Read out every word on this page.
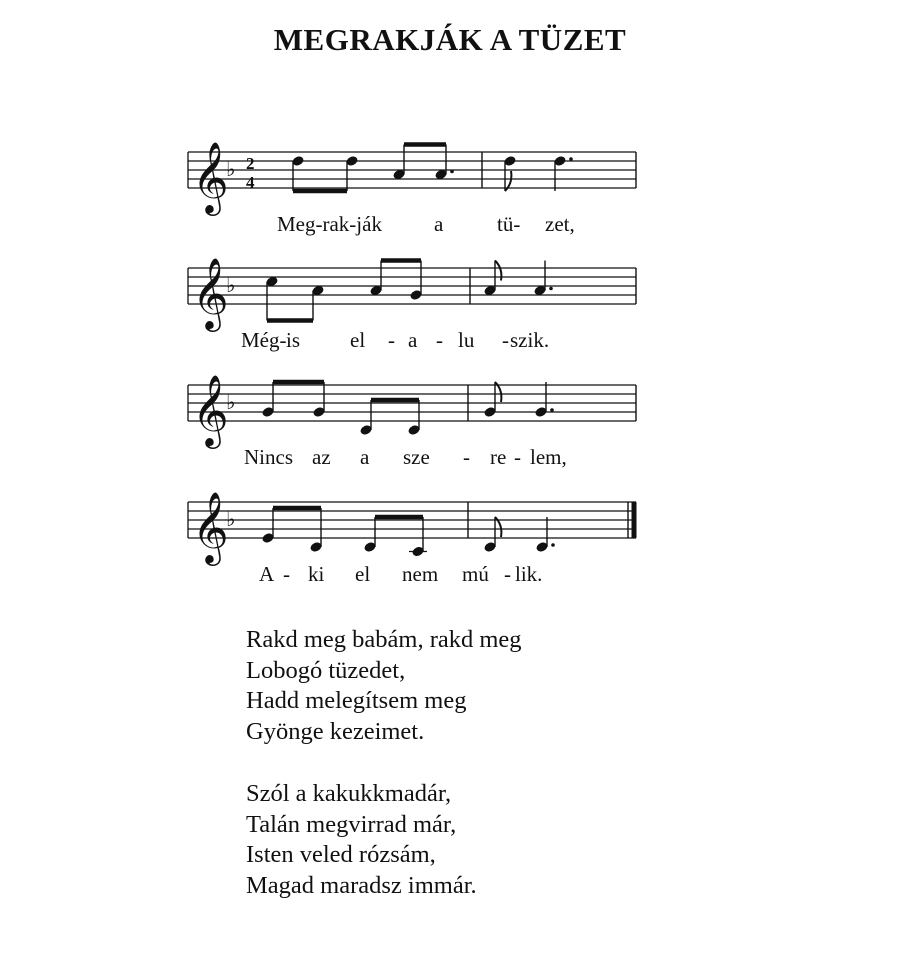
MEGRAKJÁK A TÜZET
𝄞
♭ 2
4
Meg-rak-ják a	tü- zet,
𝄞
♭
Még- is el - a - lu - szik.
𝄞
♭
Nincs az a sze - re - lem,
𝄞
♭
A - ki el nem mú - lik.
Rakd meg babám, rakd meg
Lobogó tüzedet,
Hadd melegítsem meg
Gyönge kezeimet.
Szól a kakukkmadár,
Talán megvirrad már,
Isten veled rózsám,
Magad maradsz immár.
